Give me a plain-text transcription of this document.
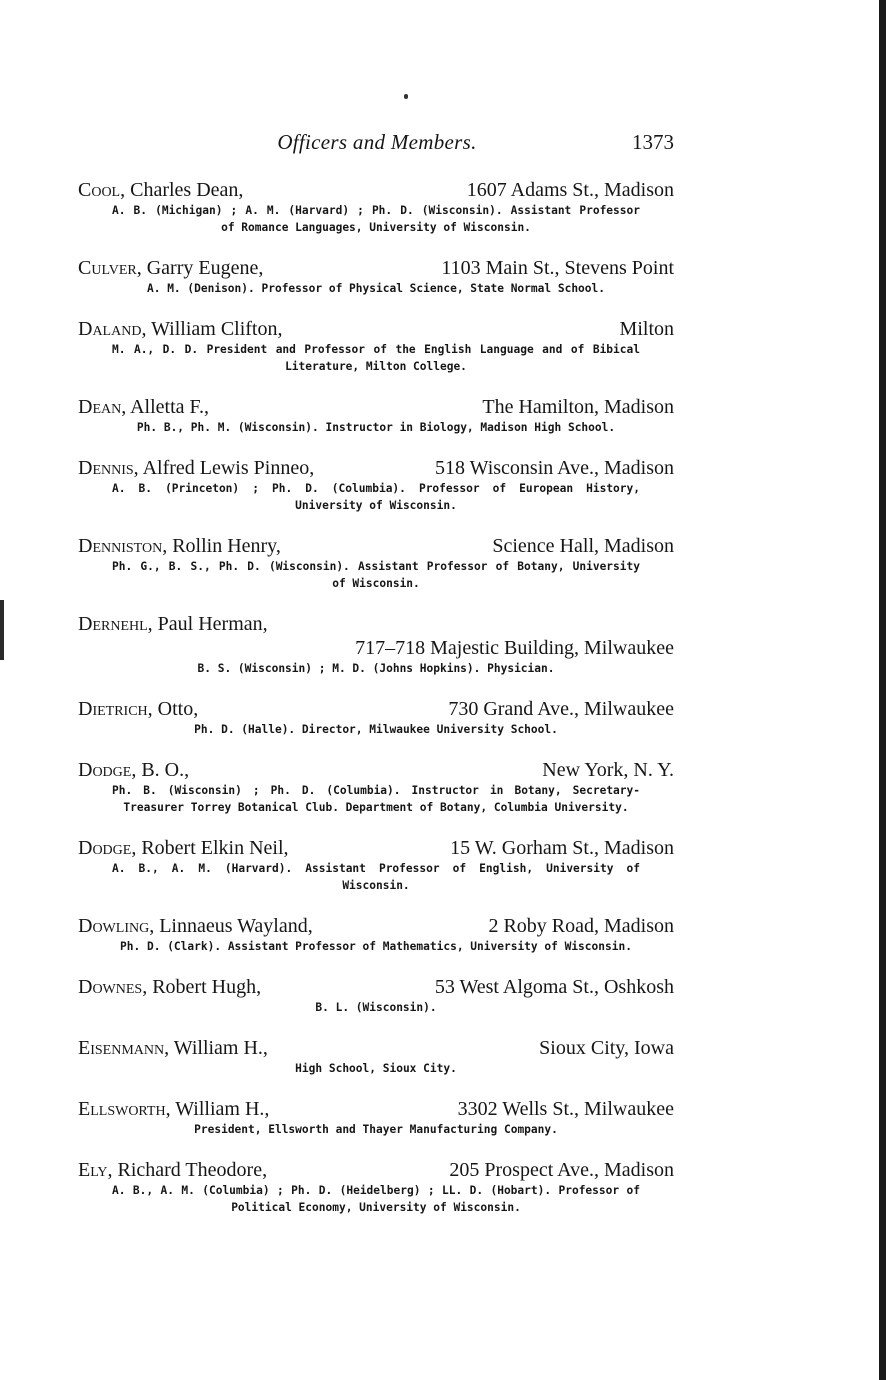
Officers and Members.	1373
Cool, Charles Dean,	1607 Adams St., Madison
A. B. (Michigan) ; A. M. (Harvard) ; Ph. D. (Wisconsin). Assistant Professor of Romance Languages, University of Wisconsin.
Culver, Garry Eugene,	1103 Main St., Stevens Point
A. M. (Denison). Professor of Physical Science, State Normal School.
Daland, William Clifton,	Milton
M. A., D. D. President and Professor of the English Language and of Bibical Literature, Milton College.
Dean, Alletta F.,	The Hamilton, Madison
Ph. B., Ph. M. (Wisconsin). Instructor in Biology, Madison High School.
Dennis, Alfred Lewis Pinneo,	518 Wisconsin Ave., Madison
A. B. (Princeton) ; Ph. D. (Columbia). Professor of European History, University of Wisconsin.
Denniston, Rollin Henry,	Science Hall, Madison
Ph. G., B. S., Ph. D. (Wisconsin). Assistant Professor of Botany, University of Wisconsin.
Dernehl, Paul Herman,
717–718 Majestic Building, Milwaukee
B. S. (Wisconsin) ; M. D. (Johns Hopkins). Physician.
Dietrich, Otto,	730 Grand Ave., Milwaukee
Ph. D. (Halle). Director, Milwaukee University School.
Dodge, B. O.,	New York, N. Y.
Ph. B. (Wisconsin) ; Ph. D. (Columbia). Instructor in Botany, Secretary-Treasurer Torrey Botanical Club. Department of Botany, Columbia University.
Dodge, Robert Elkin Neil,	15 W. Gorham St., Madison
A. B., A. M. (Harvard). Assistant Professor of English, University of Wisconsin.
Dowling, Linnaeus Wayland,	2 Roby Road, Madison
Ph. D. (Clark). Assistant Professor of Mathematics, University of Wisconsin.
Downes, Robert Hugh,	53 West Algoma St., Oshkosh
B. L. (Wisconsin).
Eisenmann, William H.,	Sioux City, Iowa
High School, Sioux City.
Ellsworth, William H.,	3302 Wells St., Milwaukee
President, Ellsworth and Thayer Manufacturing Company.
Ely, Richard Theodore,	205 Prospect Ave., Madison
A. B., A. M. (Columbia) ; Ph. D. (Heidelberg) ; LL. D. (Hobart). Professor of Political Economy, University of Wisconsin.
